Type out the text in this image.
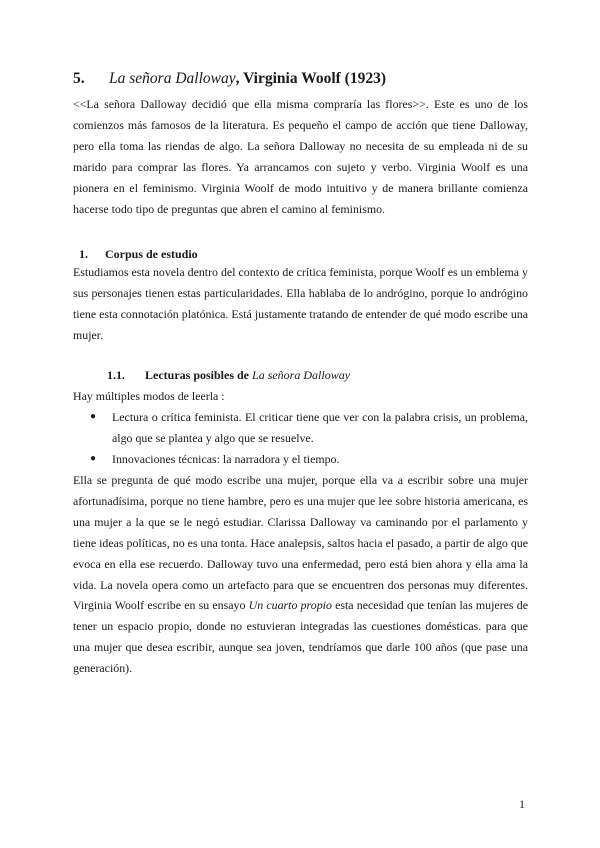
5. La señora Dalloway, Virginia Woolf (1923)
<<La señora Dalloway decidió que ella misma compraría las flores>>. Este es uno de los comienzos más famosos de la literatura. Es pequeño el campo de acción que tiene Dalloway, pero ella toma las riendas de algo. La señora Dalloway no necesita de su empleada ni de su marido para comprar las flores. Ya arrancamos con sujeto y verbo. Virginia Woolf es una pionera en el feminismo. Virginia Woolf de modo intuitivo y de manera brillante comienza hacerse todo tipo de preguntas que abren el camino al feminismo.
1. Corpus de estudio
Estudiamos esta novela dentro del contexto de crítica feminista, porque Woolf es un emblema y sus personajes tienen estas particularidades. Ella hablaba de lo andrógino, porque lo andrógino tiene esta connotación platónica. Está justamente tratando de entender de qué modo escribe una mujer.
1.1. Lecturas posibles de La señora Dalloway
Hay múltiples modos de leerla :
● Lectura o crítica feminista. El criticar tiene que ver con la palabra crisis, un problema, algo que se plantea y algo que se resuelve.
● Innovaciones técnicas: la narradora y el tiempo.
Ella se pregunta de qué modo escribe una mujer, porque ella va a escribir sobre una mujer afortunadísima, porque no tiene hambre, pero es una mujer que lee sobre historia americana, es una mujer a la que se le negó estudiar. Clarissa Dalloway va caminando por el parlamento y tiene ideas políticas, no es una tonta. Hace analepsis, saltos hacia el pasado, a partir de algo que evoca en ella ese recuerdo. Dalloway tuvo una enfermedad, pero está bien ahora y ella ama la vida. La novela opera como un artefacto para que se encuentren dos personas muy diferentes. Virginia Woolf escribe en su ensayo Un cuarto propio esta necesidad que tenían las mujeres de tener un espacio propio, donde no estuvieran integradas las cuestiones domésticas. para que una mujer que desea escribir, aunque sea joven, tendríamos que darle 100 años (que pase una generación).
1
